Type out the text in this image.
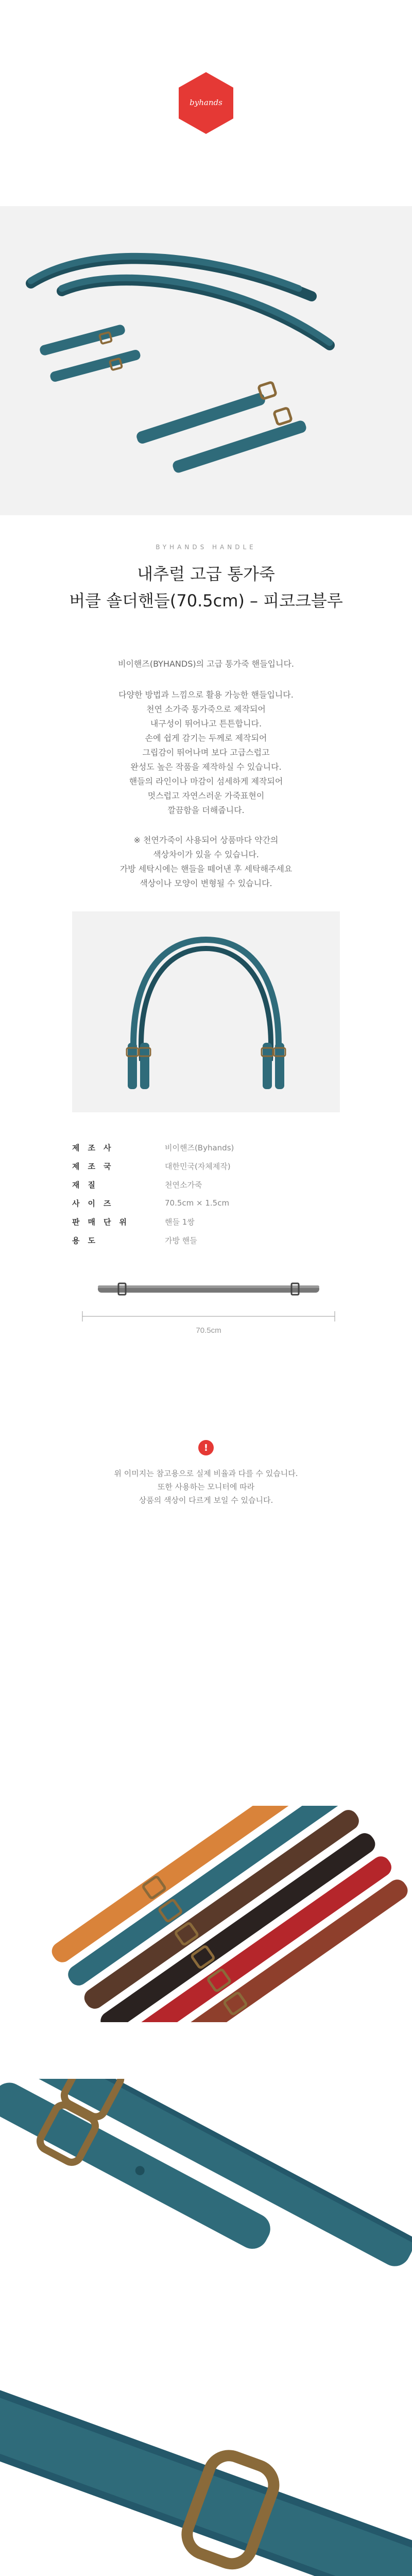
byhands
BYHANDS HANDLE
내추럴 고급 통가죽
버클 숄더핸들(70.5cm) – 피코크블루

비이핸즈(BYHANDS)의 고급 통가죽 핸들입니다.

다양한 방법과 느낌으로 활용 가능한 핸들입니다.

천연 소가죽 통가죽으로 제작되어

내구성이 뛰어나고 튼튼합니다.

손에 쉽게 감기는 두께로 제작되어

그립감이 뛰어나며 보다 고급스럽고

완성도 높은 작품을 제작하실 수 있습니다.

핸들의 라인이나 마감이 섬세하게 제작되어

멋스럽고 자연스러운 가죽표현이

깔끔함을 더해줍니다.

※ 천연가죽이 사용되어 상품마다 약간의

색상차이가 있을 수 있습니다.

가방 세탁시에는 핸들을 떼어낸 후 세탁해주세요

색상이나 모양이 변형될 수 있습니다.

제조사	비이핸즈(Byhands)
제조국	대한민국(자체제작)
재질	천연소가죽
사이즈	70.5cm × 1.5cm
판매단위	핸들 1쌍
용도	가방 핸들
70.5cm
!
위 이미지는 참고용으로 실제 비율과 다를 수 있습니다.
또한 사용하는 모니터에 따라
상품의 색상이 다르게 보일 수 있습니다.
